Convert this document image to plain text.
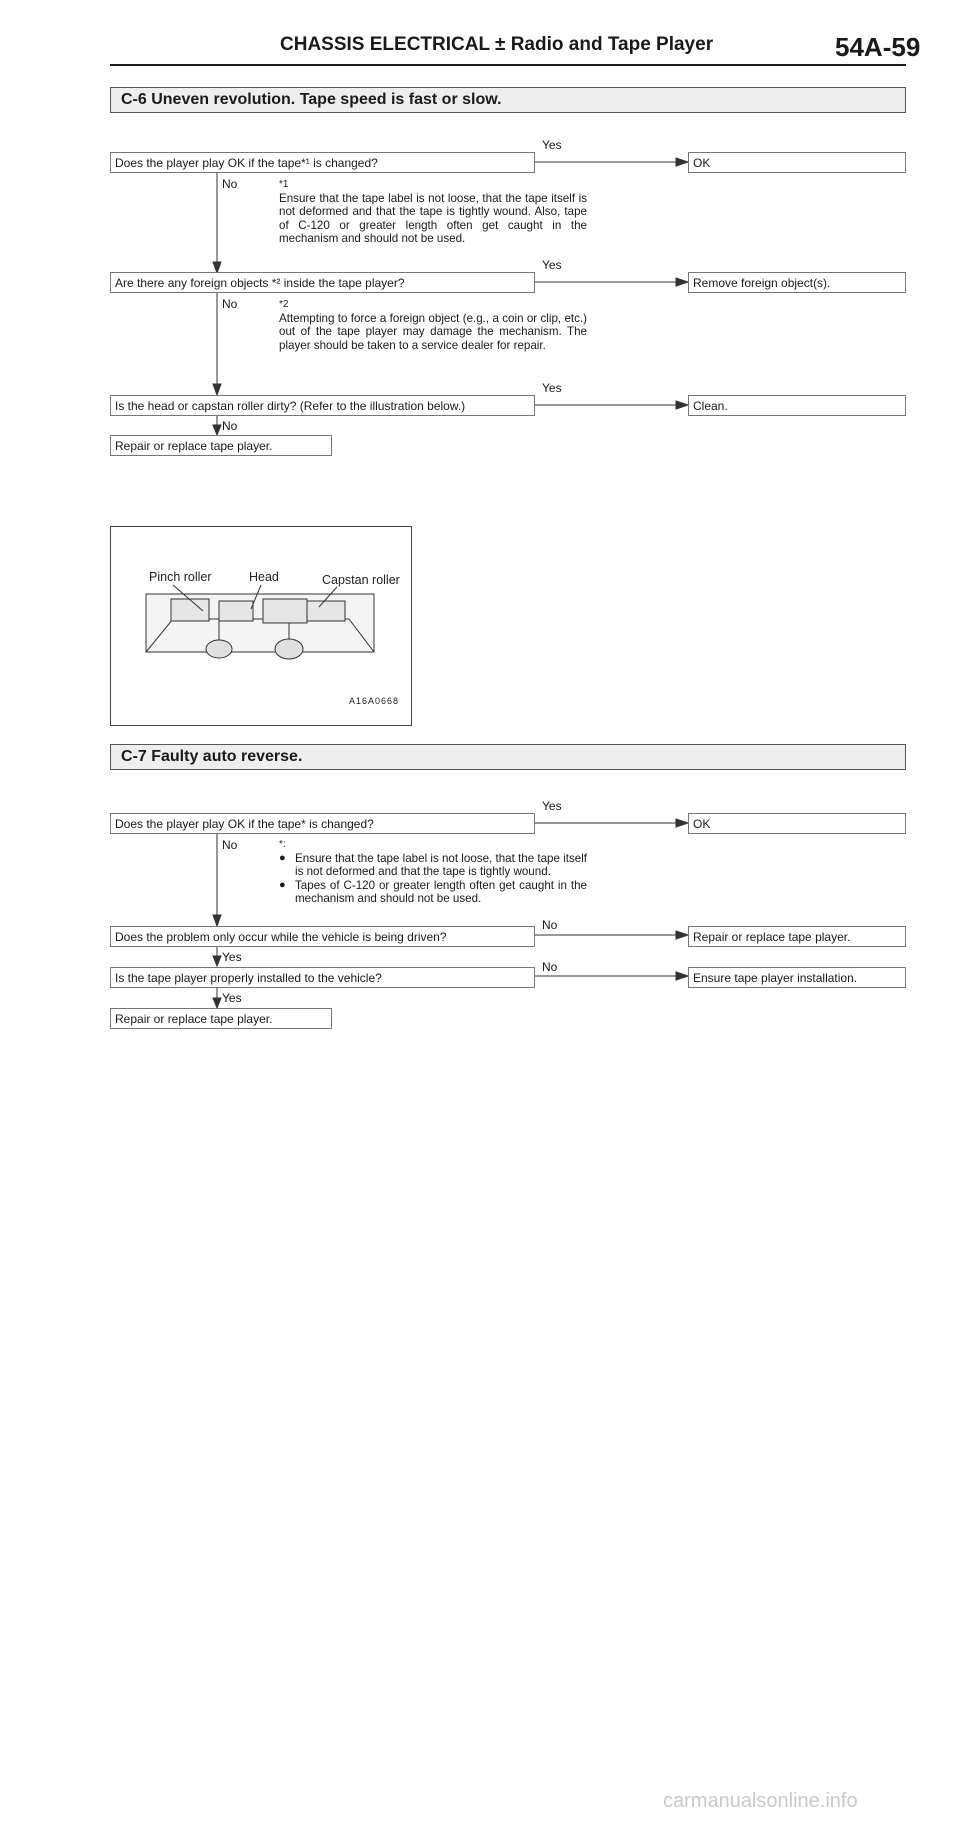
CHASSIS ELECTRICAL ± Radio and Tape Player	54A-59
C-6 Uneven revolution. Tape speed is fast or slow.
Yes
Does the player play OK if the tape*¹ is changed?	OK
No	*1

Ensure that the tape label is not loose, that the tape itself is not deformed and that the tape is tightly wound. Also, tape of C-120 or greater length often get caught in the mechanism and should not be used.

Yes
Are there any foreign objects *² inside the tape player?	Remove foreign object(s).
No	*2

Attempting to force a foreign object (e.g., a coin or clip, etc.) out of the tape player may damage the mechanism. The player should be taken to a service dealer for repair.

Yes
Is the head or capstan roller dirty? (Refer to the illustration below.)	Clean.
No
Repair or replace tape player.
Pinch roller	Head	Capstan roller
A16A0668
C-7 Faulty auto reverse.
Yes
Does the player play OK if the tape* is changed?	OK
No	*:

● Ensure that the tape label is not loose, that the tape itself is not deformed and that the tape is tightly wound.
● Tapes of C-120 or greater length often get caught in the mechanism and should not be used.
No
Does the problem only occur while the vehicle is being driven?	Repair or replace tape player.
Yes
No
Is the tape player properly installed to the vehicle?	Ensure tape player installation.
Yes
Repair or replace tape player.
carmanualsonline.info
